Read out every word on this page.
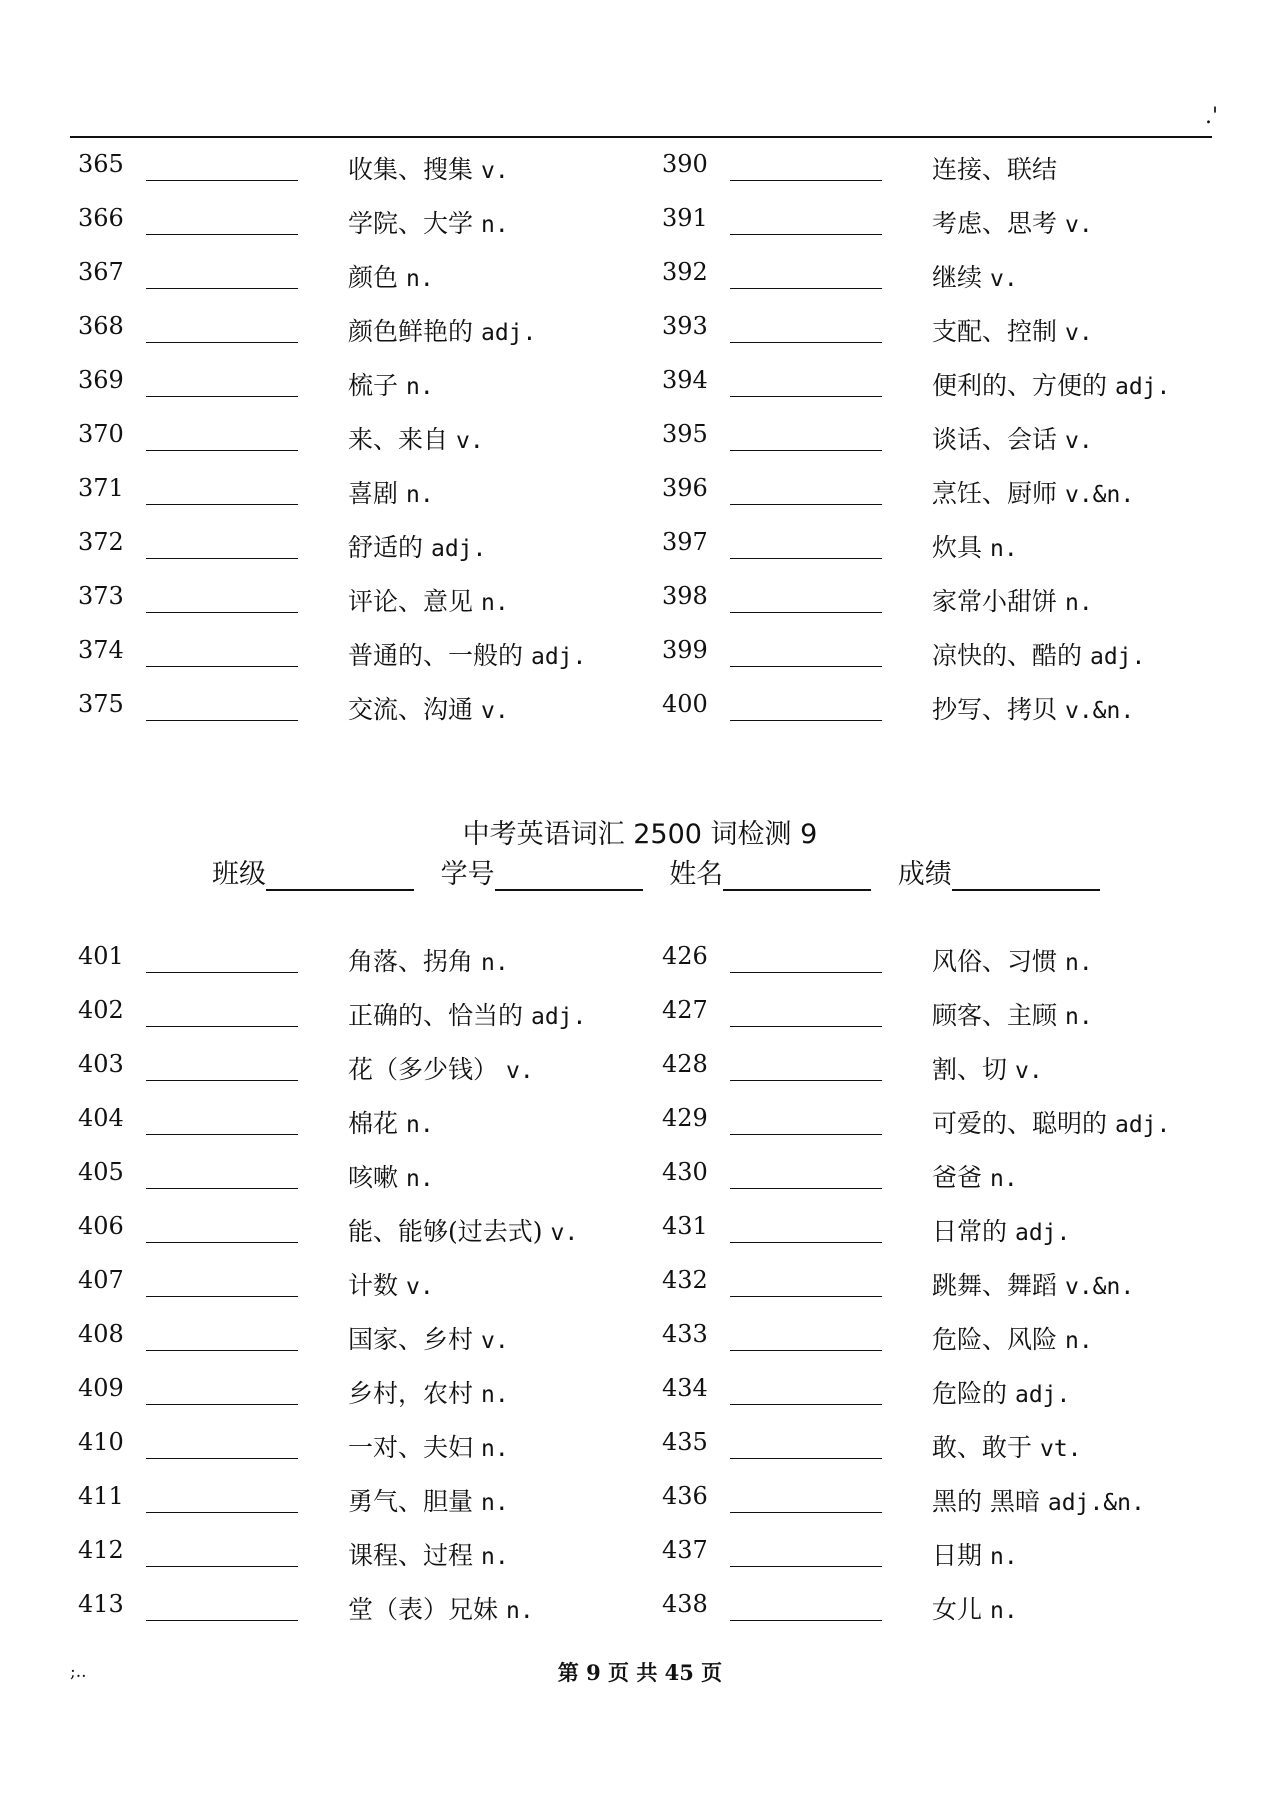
.'
365	收集、搜集 v.	390	连接、联结
366	学院、大学 n.	391	考虑、思考 v.
367	颜色 n.	392	继续 v.
368	颜色鲜艳的 adj.	393	支配、控制 v.
369	梳子 n.	394	便利的、方便的 adj.
370	来、来自 v.	395	谈话、会话 v.
371	喜剧 n.	396	烹饪、厨师 v.&n.
372	舒适的 adj.	397	炊具 n.
373	评论、意见 n.	398	家常小甜饼 n.
374	普通的、一般的 adj.	399	凉快的、酷的 adj.
375	交流、沟通 v.	400	抄写、拷贝 v.&n.
中考英语词汇 2500 词检测 9
班级	学号	姓名	成绩
401	角落、拐角 n.	426	风俗、习惯 n.
402	正确的、恰当的 adj.	427	顾客、主顾 n.
403	花（多少钱） v.	428	割、切 v.
404	棉花 n.	429	可爱的、聪明的 adj.
405	咳嗽 n.	430	爸爸 n.
406	能、能够(过去式) v.	431	日常的 adj.
407	计数 v.	432	跳舞、舞蹈 v.&n.
408	国家、乡村 v.	433	危险、风险 n.
409	乡村，农村 n.	434	危险的 adj.
410	一对、夫妇 n.	435	敢、敢于 vt.
411	勇气、胆量 n.	436	黑的 黑暗 adj.&n.
412	课程、过程 n.	437	日期 n.
413	堂（表）兄妹 n.	438	女儿 n.
;..	第 9 页 共 45 页
